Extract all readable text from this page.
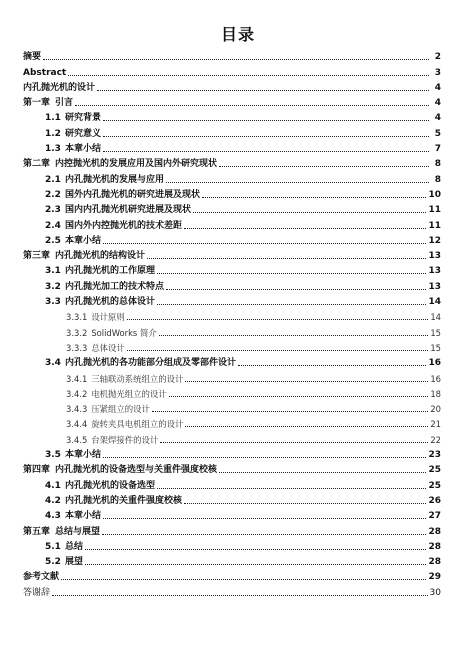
目录
摘要	2
Abstract	3
内孔抛光机的设计	4
第一章 引言	4
1.1 研究背景	4
1.2 研究意义	5
1.3 本章小结	7
第二章 内控抛光机的发展应用及国内外研究现状	8
2.1 内孔抛光机的发展与应用	8
2.2 国外内孔抛光机的研究进展及现状	10
2.3 国内内孔抛光机研究进展及现状	11
2.4 国内外内控抛光机的技术差距	11
2.5 本章小结	12
第三章 内孔抛光机的结构设计	13
3.1 内孔抛光机的工作原理	13
3.2 内孔抛光加工的技术特点	13
3.3 内孔抛光机的总体设计	14
3.3.1 设计原则	14
3.3.2 SolidWorks 简介	15
3.3.3 总体设计	15
3.4 内孔抛光机的各功能部分组成及零部件设计	16
3.4.1 三轴联动系统组立的设计	16
3.4.2 电机抛光组立的设计	18
3.4.3 压紧组立的设计	20
3.4.4 旋转夹具电机组立的设计	21
3.4.5 台架焊接件的设计	22
3.5 本章小结	23
第四章 内孔抛光机的设备选型与关重件强度校核	25
4.1 内孔抛光机的设备选型	25
4.2 内孔抛光机的关重件强度校核	26
4.3 本章小结	27
第五章 总结与展望	28
5.1 总结	28
5.2 展望	28
参考文献	29
答谢辞	30
